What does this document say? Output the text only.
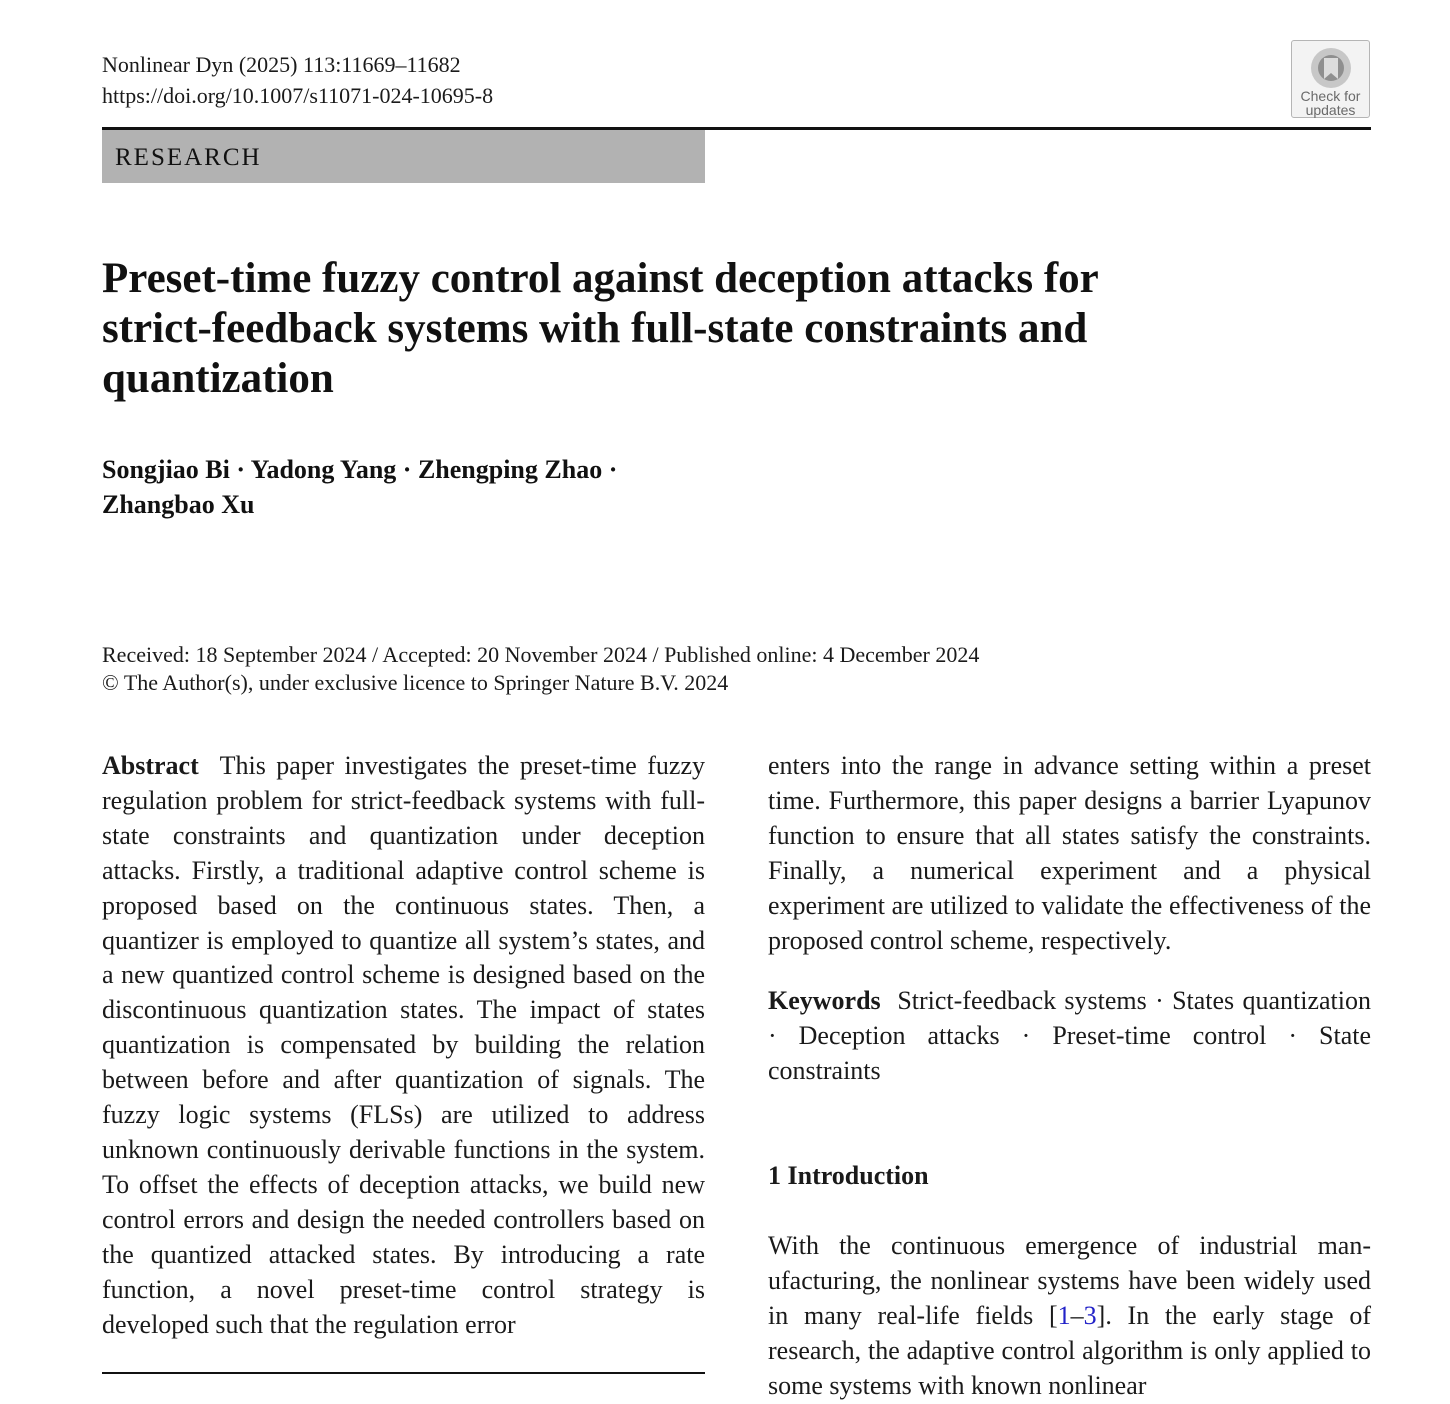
Nonlinear Dyn (2025) 113:11669–11682
https://doi.org/10.1007/s11071-024-10695-8	Check for
updates
RESEARCH
Preset-time fuzzy control against deception attacks for strict-feedback systems with full-state constraints and quantization
Songjiao Bi · Yadong Yang · Zhengping Zhao ·
Zhangbao Xu
Received: 18 September 2024 / Accepted: 20 November 2024 / Published online: 4 December 2024
© The Author(s), under exclusive licence to Springer Nature B.V. 2024
Abstract This paper investigates the preset-time fuzzy regulation problem for strict-feedback systems with full-state constraints and quantization under deception attacks. Firstly, a traditional adaptive control scheme is proposed based on the continuous states. Then, a quantizer is employed to quantize all system’s states, and a new quantized control scheme is designed based on the discontinuous quantization states. The impact of states quantization is compensated by building the relation between before and after quantization of signals. The fuzzy logic systems (FLSs) are utilized to address unknown continuously derivable functions in the system. To offset the effects of deception attacks, we build new control errors and design the needed controllers based on the quantized attacked states. By introducing a rate function, a novel preset-time control strategy is developed such that the regulation error
enters into the range in advance setting within a preset time. Furthermore, this paper designs a barrier Lyapunov function to ensure that all states satisfy the constraints. Finally, a numerical experiment and a physical experiment are utilized to validate the effectiveness of the proposed control scheme, respectively.
Keywords Strict-feedback systems · States quantization · Deception attacks · Preset-time control · State constraints
1 Introduction
With the continuous emergence of industrial manufacturing, the nonlinear systems have been widely used in many real-life fields [1–3]. In the early stage of research, the adaptive control algorithm is only applied to some systems with known nonlinear
